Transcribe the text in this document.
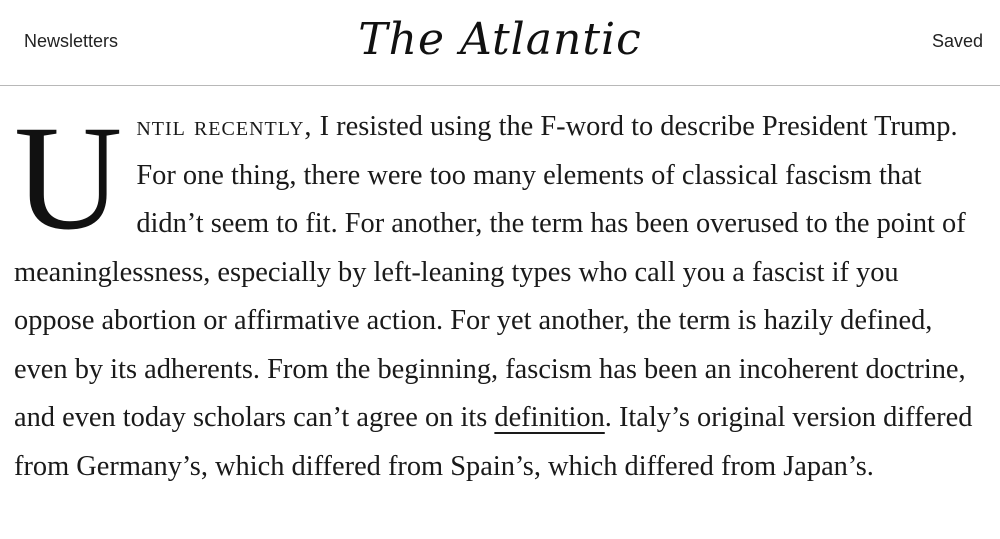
Newsletters	The Atlantic	Saved

Until recently, I resisted using the F-word to describe President Trump. For one thing, there were too many elements of classical fascism that didn’t seem to fit. For another, the term has been overused to the point of meaninglessness, especially by left-leaning types who call you a fascist if you oppose abortion or affirmative action. For yet another, the term is hazily defined, even by its adherents. From the beginning, fascism has been an incoherent doctrine, and even today scholars can’t agree on its definition. Italy’s original version differed from Germany’s, which differed from Spain’s, which differed from Japan’s.
